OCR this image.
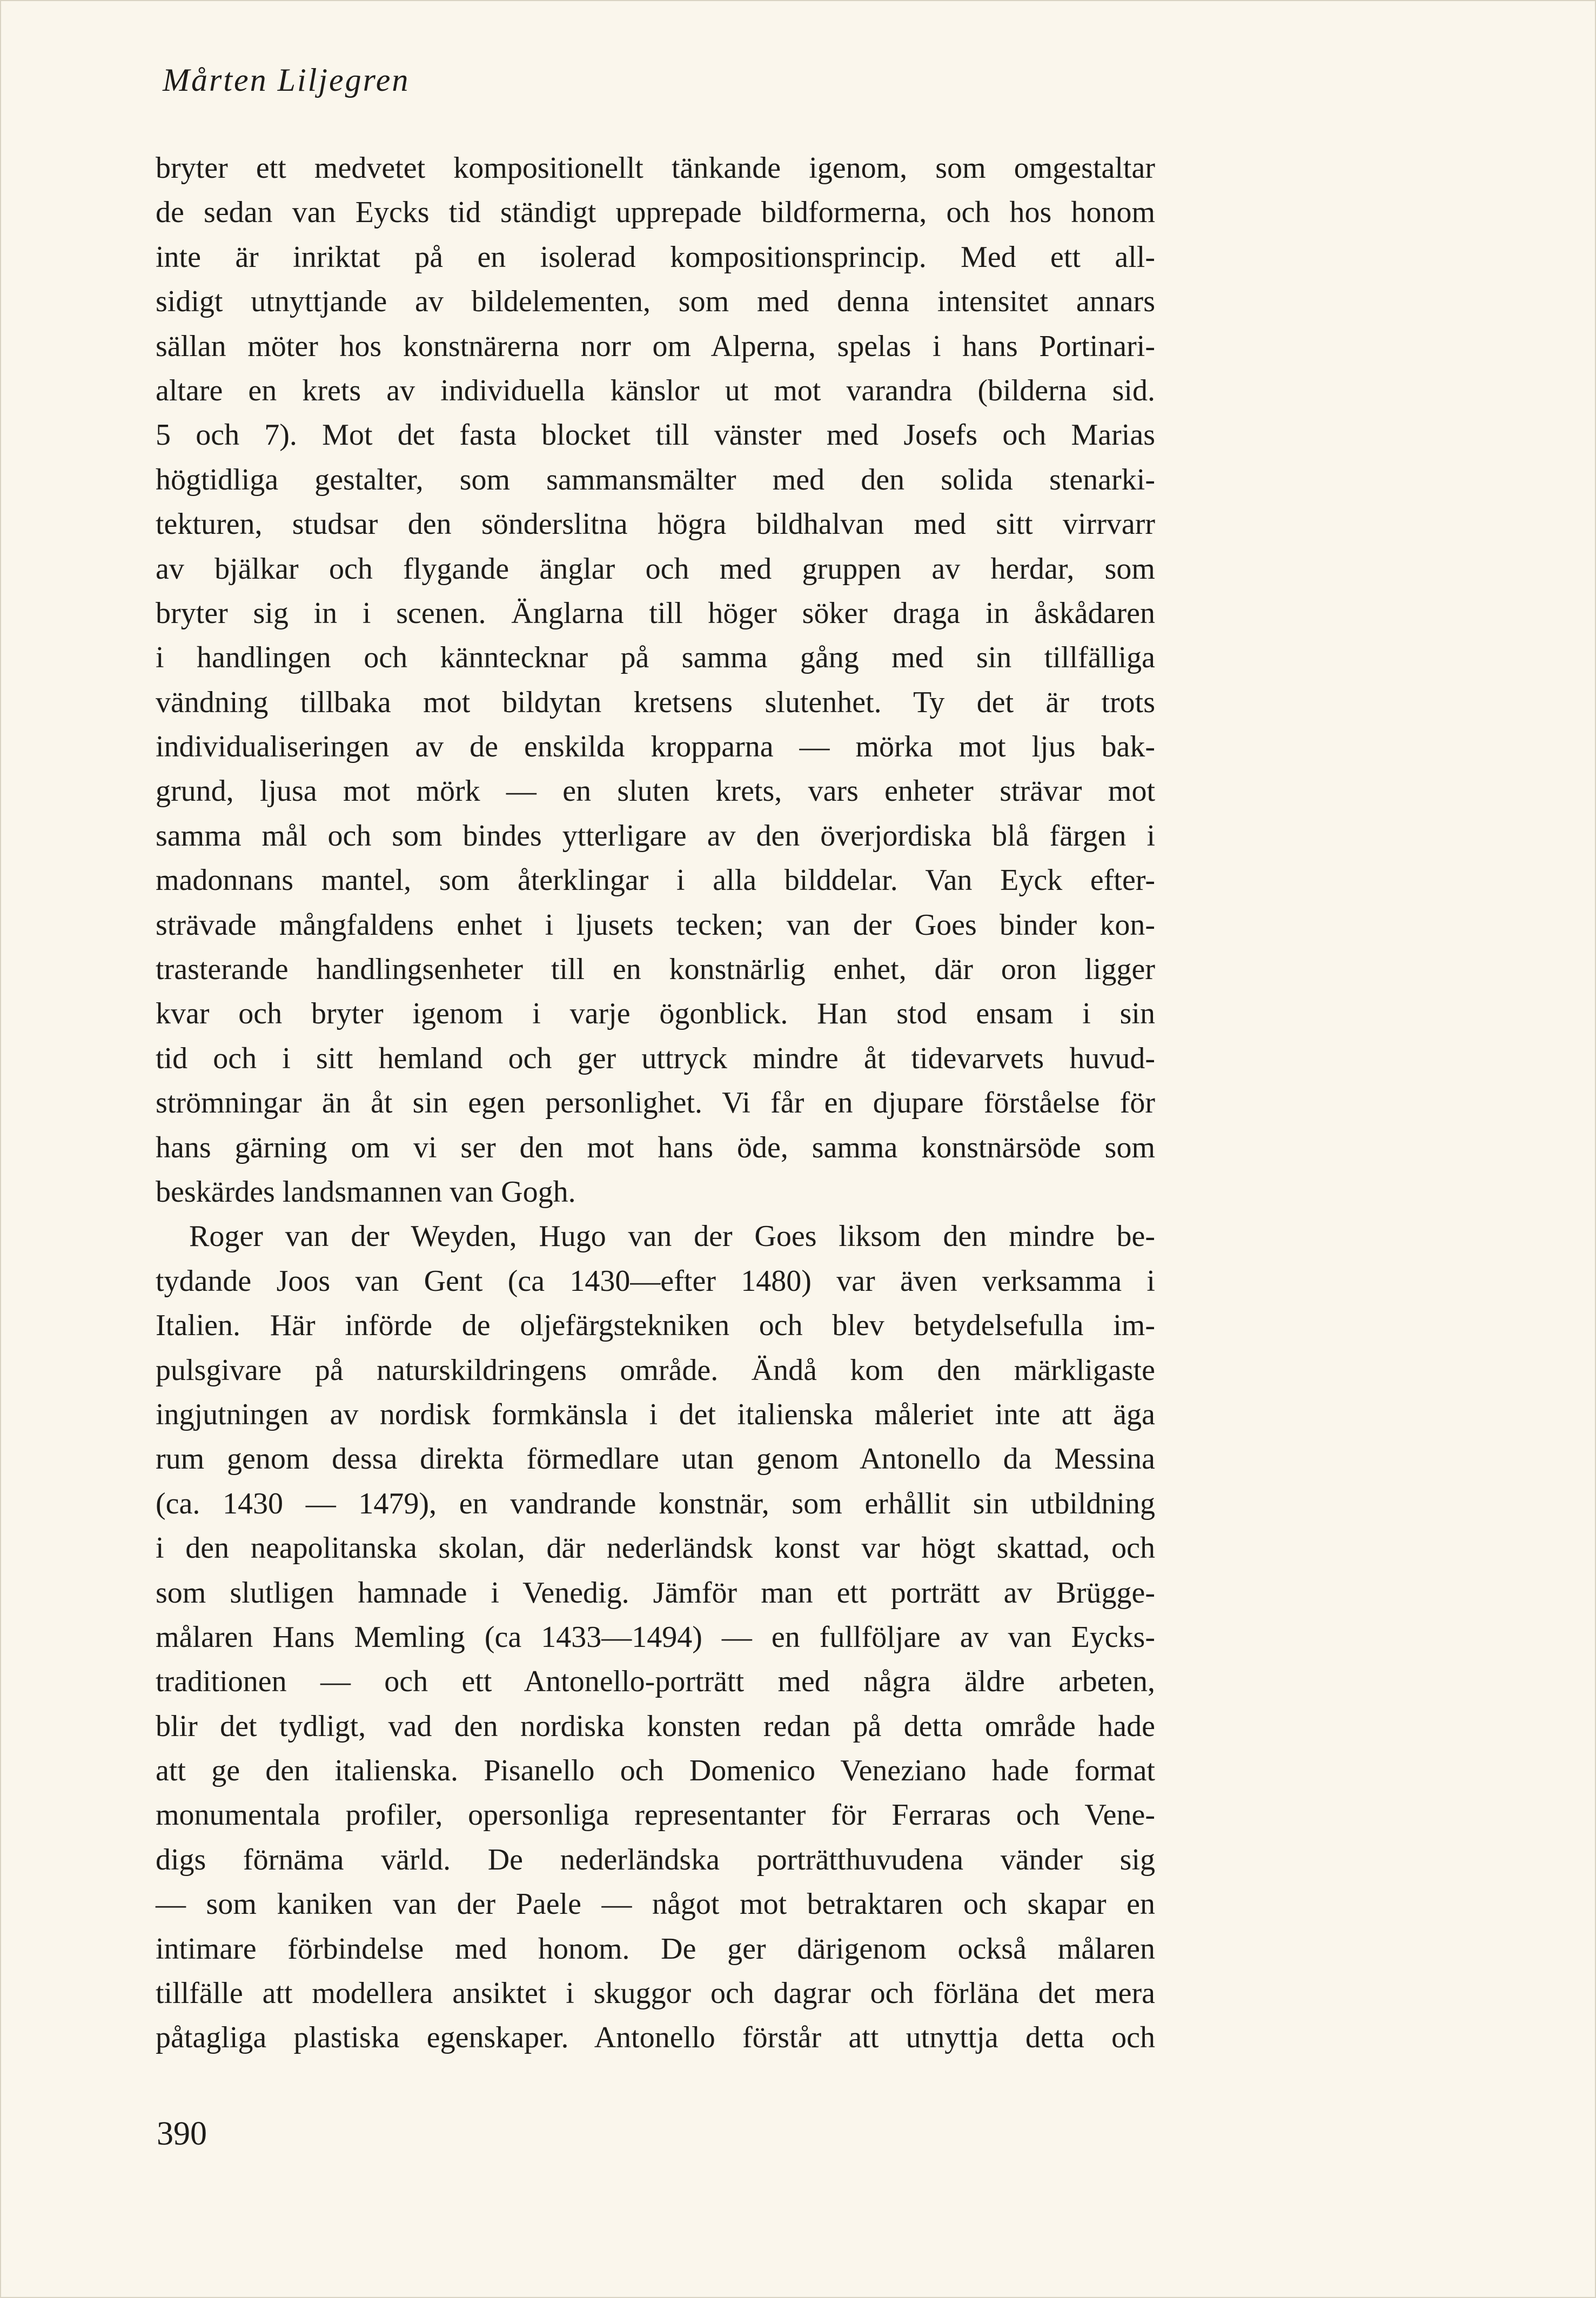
Mårten Liljegren
bryter ett medvetet kompositionellt tänkande igenom, som omgestaltar
de sedan van Eycks tid ständigt upprepade bildformerna, och hos honom
inte är inriktat på en isolerad kompositionsprincip. Med ett all-
sidigt utnyttjande av bildelementen, som med denna intensitet annars
sällan möter hos konstnärerna norr om Alperna, spelas i hans Portinari-
altare en krets av individuella känslor ut mot varandra (bilderna sid.
5 och 7). Mot det fasta blocket till vänster med Josefs och Marias
högtidliga gestalter, som sammansmälter med den solida stenarki-
tekturen, studsar den sönderslitna högra bildhalvan med sitt virrvarr
av bjälkar och flygande änglar och med gruppen av herdar, som
bryter sig in i scenen. Änglarna till höger söker draga in åskådaren
i handlingen och känntecknar på samma gång med sin tillfälliga
vändning tillbaka mot bildytan kretsens slutenhet. Ty det är trots
individualiseringen av de enskilda kropparna — mörka mot ljus bak-
grund, ljusa mot mörk — en sluten krets, vars enheter strävar mot
samma mål och som bindes ytterligare av den överjordiska blå färgen i
madonnans mantel, som återklingar i alla bilddelar. Van Eyck efter-
strävade mångfaldens enhet i ljusets tecken; van der Goes binder kon-
trasterande handlingsenheter till en konstnärlig enhet, där oron ligger
kvar och bryter igenom i varje ögonblick. Han stod ensam i sin
tid och i sitt hemland och ger uttryck mindre åt tidevarvets huvud-
strömningar än åt sin egen personlighet. Vi får en djupare förståelse för
hans gärning om vi ser den mot hans öde, samma konstnärsöde som
beskärdes landsmannen van Gogh.
Roger van der Weyden, Hugo van der Goes liksom den mindre be-
tydande Joos van Gent (ca 1430—efter 1480) var även verksamma i
Italien. Här införde de oljefärgstekniken och blev betydelsefulla im-
pulsgivare på naturskildringens område. Ändå kom den märkligaste
ingjutningen av nordisk formkänsla i det italienska måleriet inte att äga
rum genom dessa direkta förmedlare utan genom Antonello da Messina
(ca. 1430 — 1479), en vandrande konstnär, som erhållit sin utbildning
i den neapolitanska skolan, där nederländsk konst var högt skattad, och
som slutligen hamnade i Venedig. Jämför man ett porträtt av Brügge-
målaren Hans Memling (ca 1433—1494) — en fullföljare av van Eycks-
traditionen — och ett Antonello-porträtt med några äldre arbeten,
blir det tydligt, vad den nordiska konsten redan på detta område hade
att ge den italienska. Pisanello och Domenico Veneziano hade format
monumentala profiler, opersonliga representanter för Ferraras och Vene-
digs förnäma värld. De nederländska porträtthuvudena vänder sig
— som kaniken van der Paele — något mot betraktaren och skapar en
intimare förbindelse med honom. De ger därigenom också målaren
tillfälle att modellera ansiktet i skuggor och dagrar och förläna det mera
påtagliga plastiska egenskaper. Antonello förstår att utnyttja detta och
390
